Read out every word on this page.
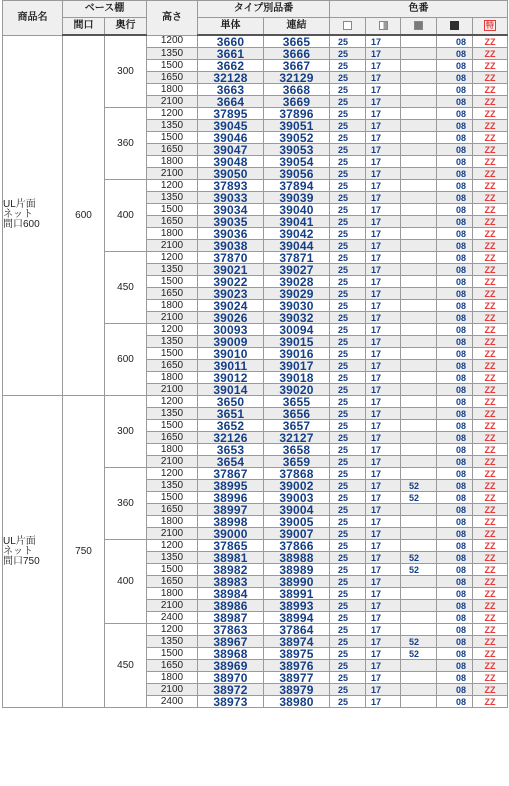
商品名	ベース棚		高さ	タイプ別品番		色番				
	間口	奥行		単体	連結					特

UL片面
ネット
間口600	600	300	1200	3660	3665	25	17		08	ZZ
			1350	3661	3666	25	17		08	ZZ
			1500	3662	3667	25	17		08	ZZ
			1650	32128	32129	25	17		08	ZZ
			1800	3663	3668	25	17		08	ZZ
			2100	3664	3669	25	17		08	ZZ
		360	1200	37895	37896	25	17		08	ZZ
			1350	39045	39051	25	17		08	ZZ
			1500	39046	39052	25	17		08	ZZ
			1650	39047	39053	25	17		08	ZZ
			1800	39048	39054	25	17		08	ZZ
			2100	39050	39056	25	17		08	ZZ
		400	1200	37893	37894	25	17		08	ZZ
			1350	39033	39039	25	17		08	ZZ
			1500	39034	39040	25	17		08	ZZ
			1650	39035	39041	25	17		08	ZZ
			1800	39036	39042	25	17		08	ZZ
			2100	39038	39044	25	17		08	ZZ
		450	1200	37870	37871	25	17		08	ZZ
			1350	39021	39027	25	17		08	ZZ
			1500	39022	39028	25	17		08	ZZ
			1650	39023	39029	25	17		08	ZZ
			1800	39024	39030	25	17		08	ZZ
			2100	39026	39032	25	17		08	ZZ
		600	1200	30093	30094	25	17		08	ZZ
			1350	39009	39015	25	17		08	ZZ
			1500	39010	39016	25	17		08	ZZ
			1650	39011	39017	25	17		08	ZZ
			1800	39012	39018	25	17		08	ZZ
			2100	39014	39020	25	17		08	ZZ

UL片面
ネット
間口750	750	300	1200	3650	3655	25	17		08	ZZ
			1350	3651	3656	25	17		08	ZZ
			1500	3652	3657	25	17		08	ZZ
			1650	32126	32127	25	17		08	ZZ
			1800	3653	3658	25	17		08	ZZ
			2100	3654	3659	25	17		08	ZZ
		360	1200	37867	37868	25	17		08	ZZ
			1350	38995	39002	25	17	52	08	ZZ
			1500	38996	39003	25	17	52	08	ZZ
			1650	38997	39004	25	17		08	ZZ
			1800	38998	39005	25	17		08	ZZ
			2100	39000	39007	25	17		08	ZZ
		400	1200	37865	37866	25	17		08	ZZ
			1350	38981	38988	25	17	52	08	ZZ
			1500	38982	38989	25	17	52	08	ZZ
			1650	38983	38990	25	17		08	ZZ
			1800	38984	38991	25	17		08	ZZ
			2100	38986	38993	25	17		08	ZZ
			2400	38987	38994	25	17		08	ZZ
		450	1200	37863	37864	25	17		08	ZZ
			1350	38967	38974	25	17	52	08	ZZ
			1500	38968	38975	25	17	52	08	ZZ
			1650	38969	38976	25	17		08	ZZ
			1800	38970	38977	25	17		08	ZZ
			2100	38972	38979	25	17		08	ZZ
			2400	38973	38980	25	17		08	ZZ
